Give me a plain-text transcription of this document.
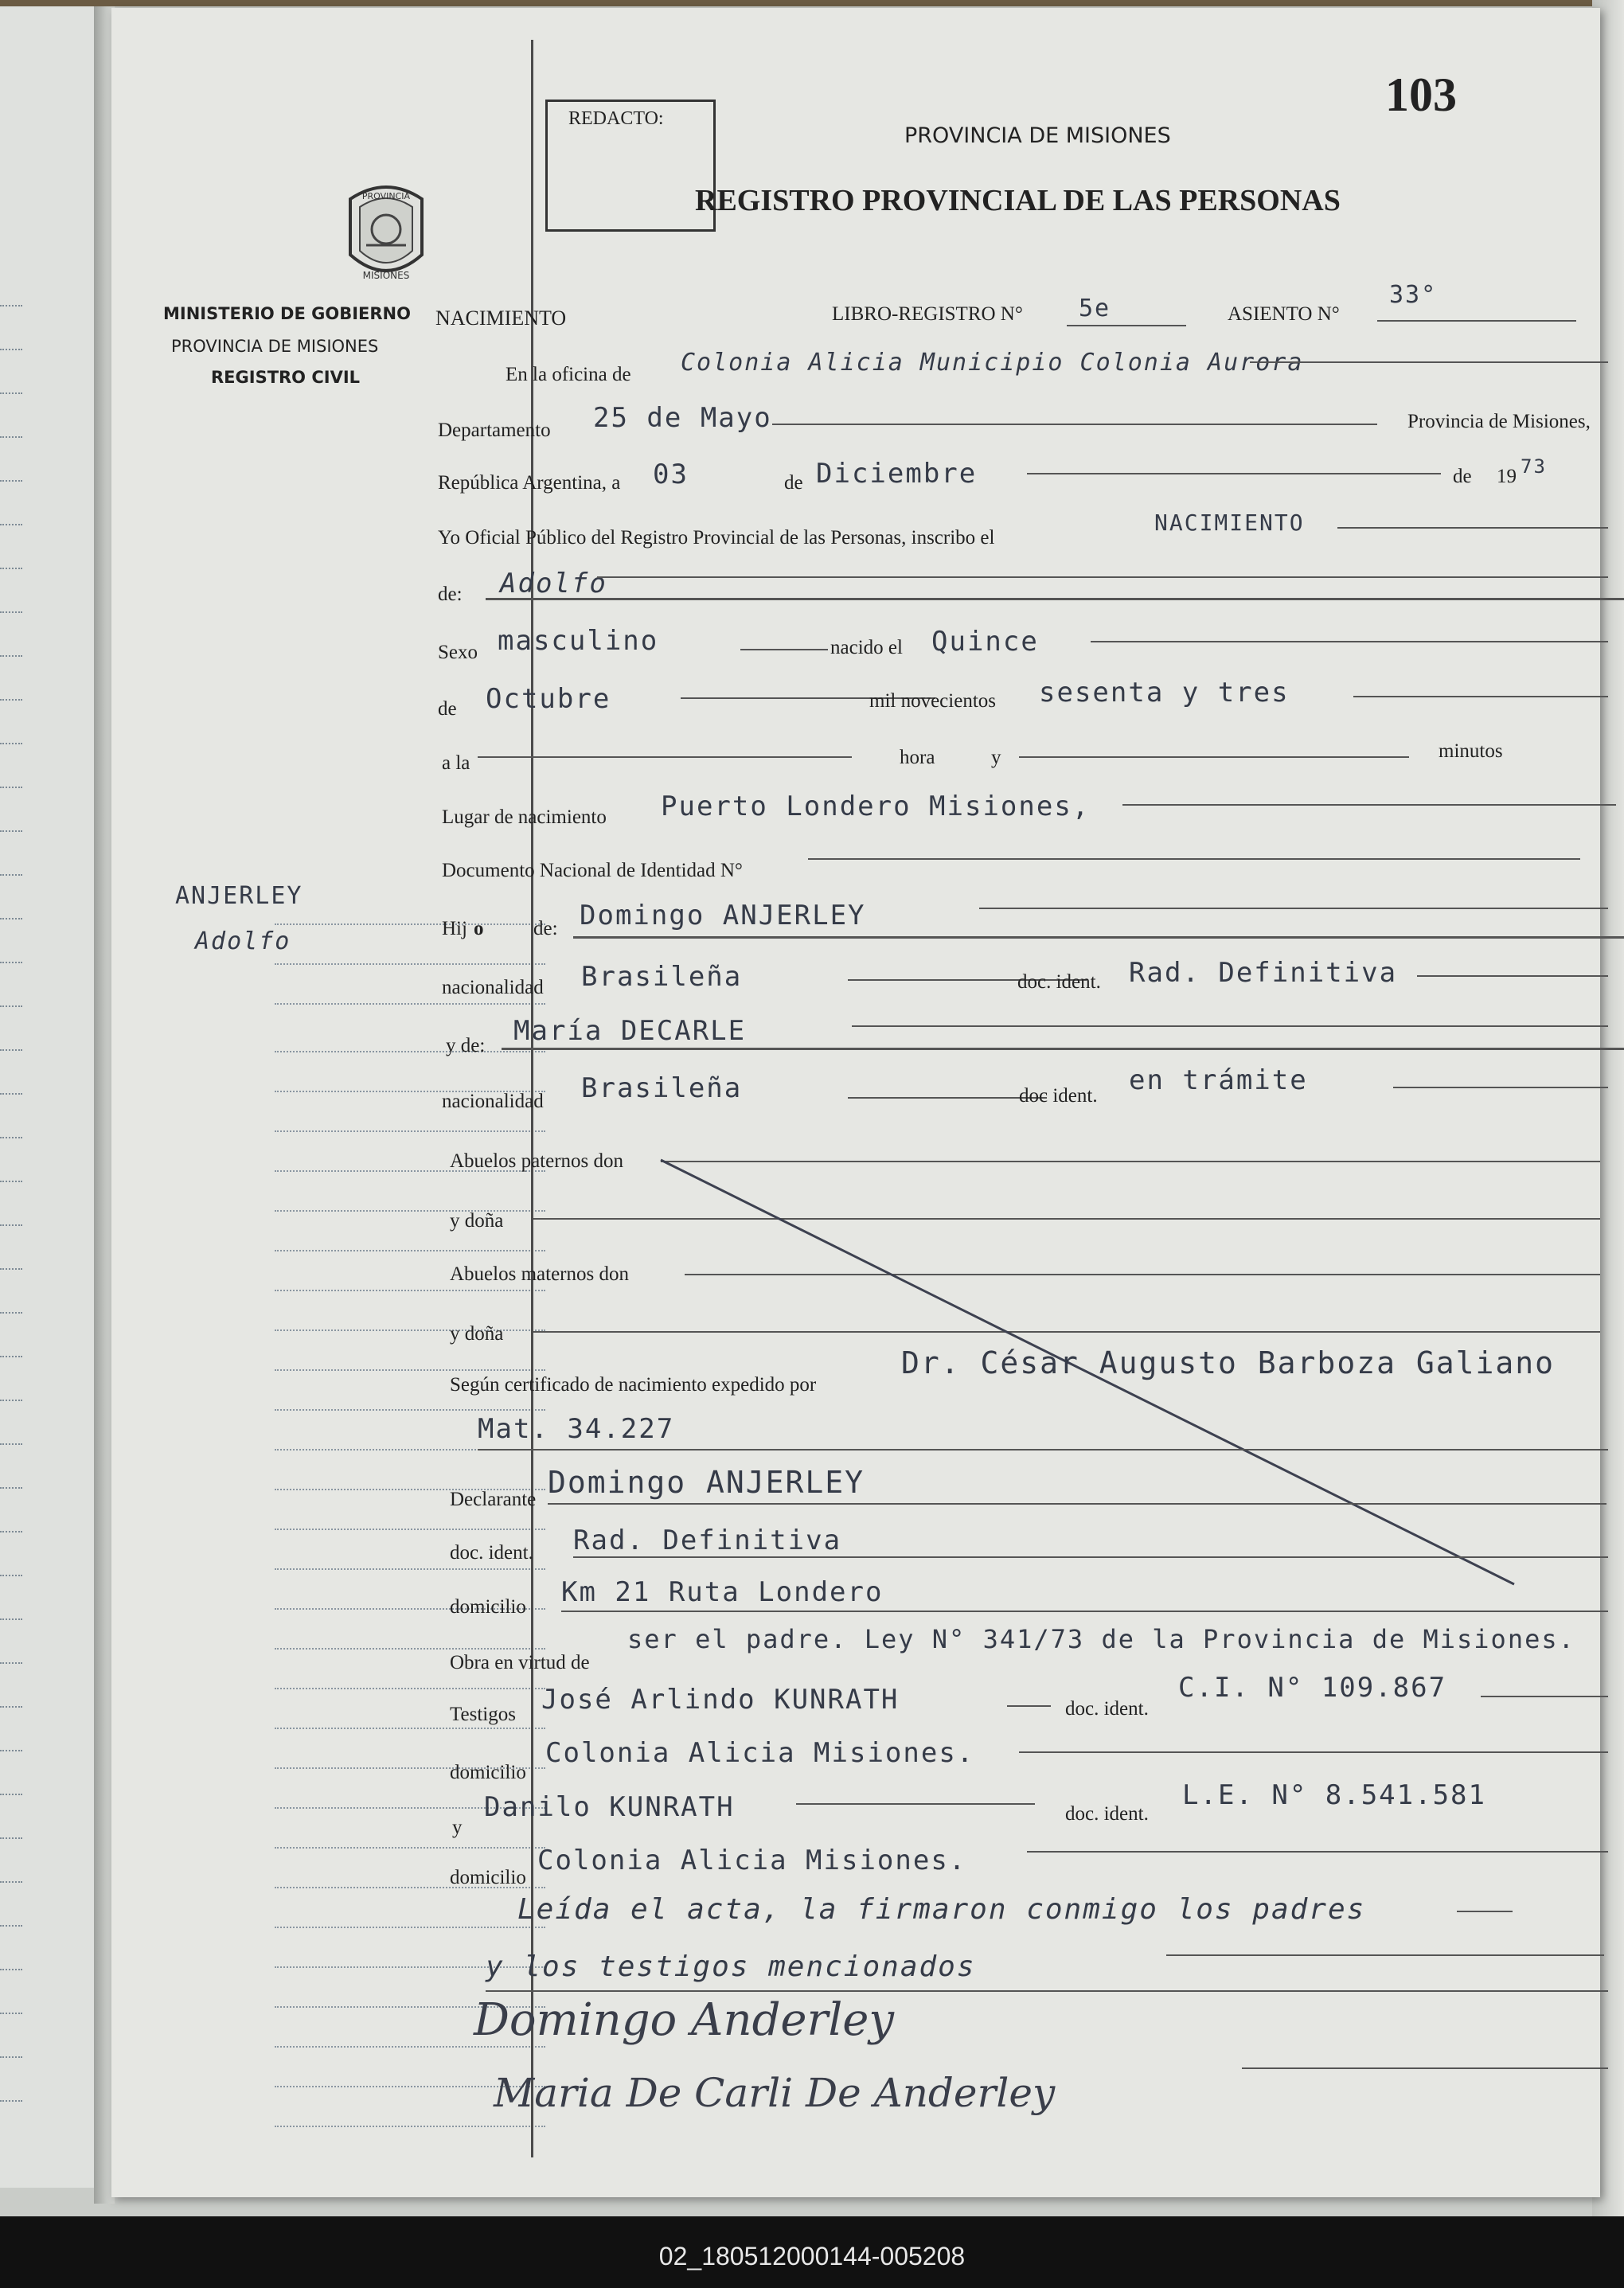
PROVINCIA
MISIONES
MINISTERIO DE GOBIERNO
PROVINCIA DE MISIONES
REGISTRO CIVIL
ANJERLEY
Adolfo
REDACTO:	103
PROVINCIA DE MISIONES
REGISTRO PROVINCIAL DE LAS PERSONAS
NACIMIENTO	LIBRO-REGISTRO N° 5e	ASIENTO N°
33°
En la oficina de Colonia Alicia Municipio Colonia Aurora
Departamento 25 de Mayo	Provincia de Misiones,
República Argentina, a 03	de Diciembre	de 19 73
Yo Oficial Público del Registro Provincial de las Personas, inscribo el
NACIMIENTO
de: Adolfo
Sexo masculino	nacido el Quince
de Octubre	mil novecientos sesenta y tres
a la	hora	y	minutos
Lugar de nacimiento Puerto Londero Misiones,
Documento Nacional de Identidad N°
Hij o	de: Domingo ANJERLEY
nacionalidad Brasileña	doc. ident. Rad. Definitiva
y de: María DECARLE
nacionalidad Brasileña	doc ident. en trámite
Abuelos paternos don
y doña
Abuelos maternos don
y doña
Según certificado de nacimiento expedido por
Dr. César Augusto Barboza Galiano
Mat. 34.227
Declarante Domingo ANJERLEY
doc. ident. Rad. Definitiva
domicilio Km 21 Ruta Londero
Obra en virtud de
ser el padre. Ley N° 341/73 de la Provincia de Misiones.
Testigos José Arlindo KUNRATH	doc. ident.
C.I. N° 109.867
domicilio
Colonia Alicia Misiones.
y
Danilo KUNRATH	doc. ident.
L.E. N° 8.541.581
domicilio
Colonia Alicia Misiones.
Leída el acta, la firmaron conmigo los padres
y los testigos mencionados
Domingo Anderley
Maria De Carli De Anderley
02_180512000144-005208
